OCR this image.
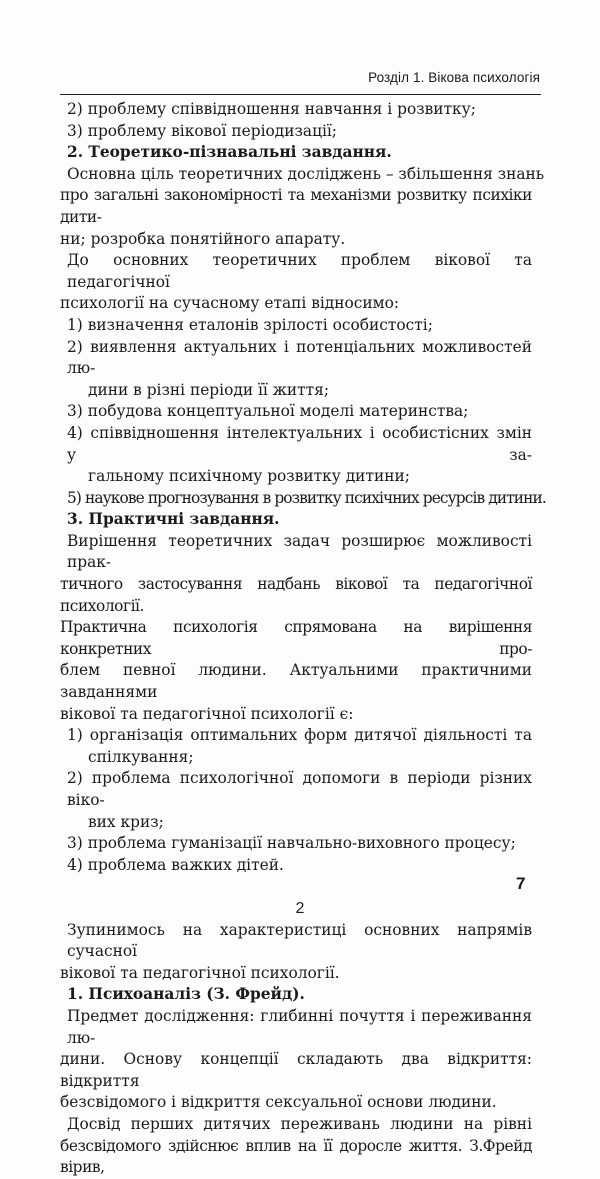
Розділ 1. Вікова психологія
2) проблему співвідношення навчання і розвитку;
3) проблему вікової періодизації;
2. Теоретико-пізнавальні завдання.
Основна ціль теоретичних досліджень – збільшення знань
про загальні закономірності та механізми розвитку психіки дити-
ни; розробка понятійного апарату.
До основних теоретичних проблем вікової та педагогічної
психології на сучасному етапі відносимо:
1) визначення еталонів зрілості особистості;
2) виявлення актуальних і потенціальних можливостей лю-
дини в різні періоди її життя;
3) побудова концептуальної моделі материнства;
4) співвідношення інтелектуальних і особистісних змін у за-
гальному психічному розвитку дитини;
5) наукове прогнозування в розвитку психічних ресурсів дитини.
3. Практичні завдання.
Вирішення теоретичних задач розширює можливості прак-
тичного застосування надбань вікової та педагогічної психології.
Практична психологія спрямована на вирішення конкретних про-
блем певної людини. Актуальними практичними завданнями
вікової та педагогічної психології є:
1) організація оптимальних форм дитячої діяльності та
спілкування;
2) проблема психологічної допомоги в періоди різних віко-
вих криз;
3) проблема гуманізації навчально-виховного процесу;
4) проблема важких дітей.
2
Зупинимось на характеристиці основних напрямів сучасної
вікової та педагогічної психології.
1. Психоаналіз (З. Фрейд).
Предмет дослідження: глибинні почуття і переживання лю-
дини. Основу концепції складають два відкриття: відкриття
безсвідомого і відкриття сексуальної основи людини.
Досвід перших дитячих переживань людини на рівні
безсвідомого здійснює вплив на її доросле життя. З.Фрейд вірив,
7
